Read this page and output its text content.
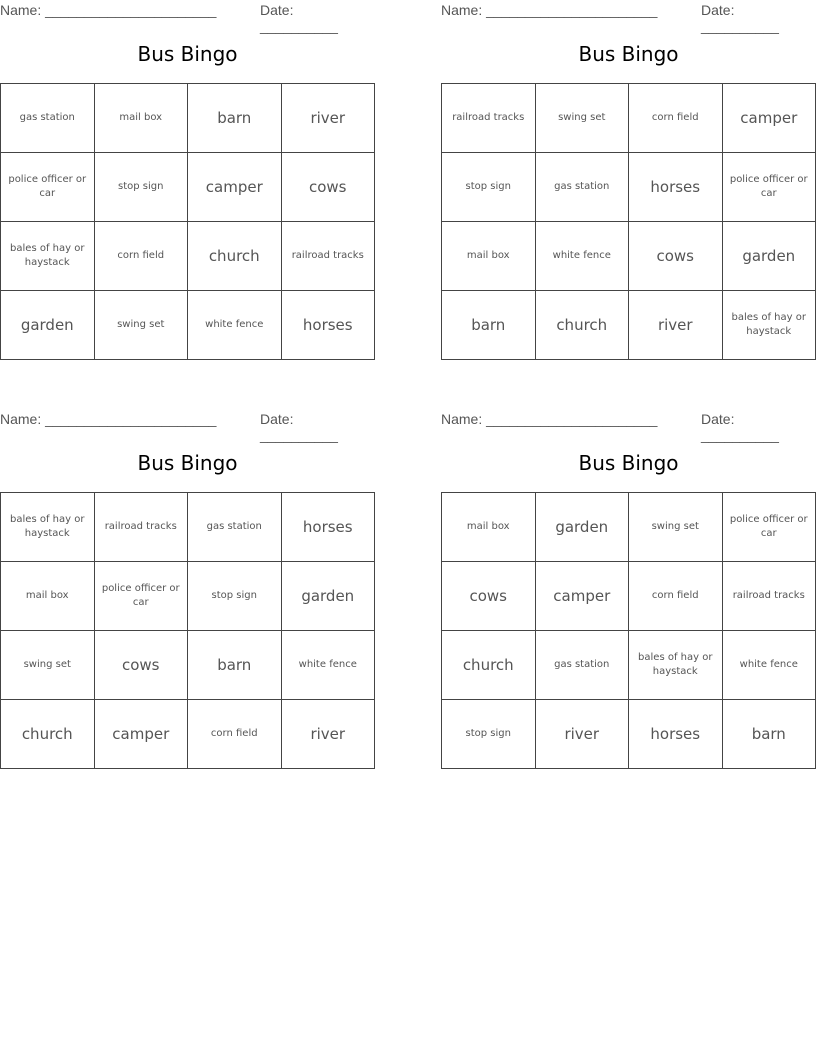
Name: ______________________	Date: __________
Bus Bingo
gas station	mail box	barn	river
police officer or car	stop sign	camper	cows
bales of hay or haystack	corn field	church	railroad tracks
garden	swing set	white fence	horses
Name: ______________________	Date: __________
Bus Bingo
railroad tracks	swing set	corn field	camper
stop sign	gas station	horses	police officer or car
mail box	white fence	cows	garden
barn	church	river	bales of hay or haystack
Name: ______________________	Date: __________
Bus Bingo
bales of hay or haystack	railroad tracks	gas station	horses
mail box	police officer or car	stop sign	garden
swing set	cows	barn	white fence
church	camper	corn field	river
Name: ______________________	Date: __________
Bus Bingo
mail box	garden	swing set	police officer or car
cows	camper	corn field	railroad tracks
church	gas station	bales of hay or haystack	white fence
stop sign	river	horses	barn
